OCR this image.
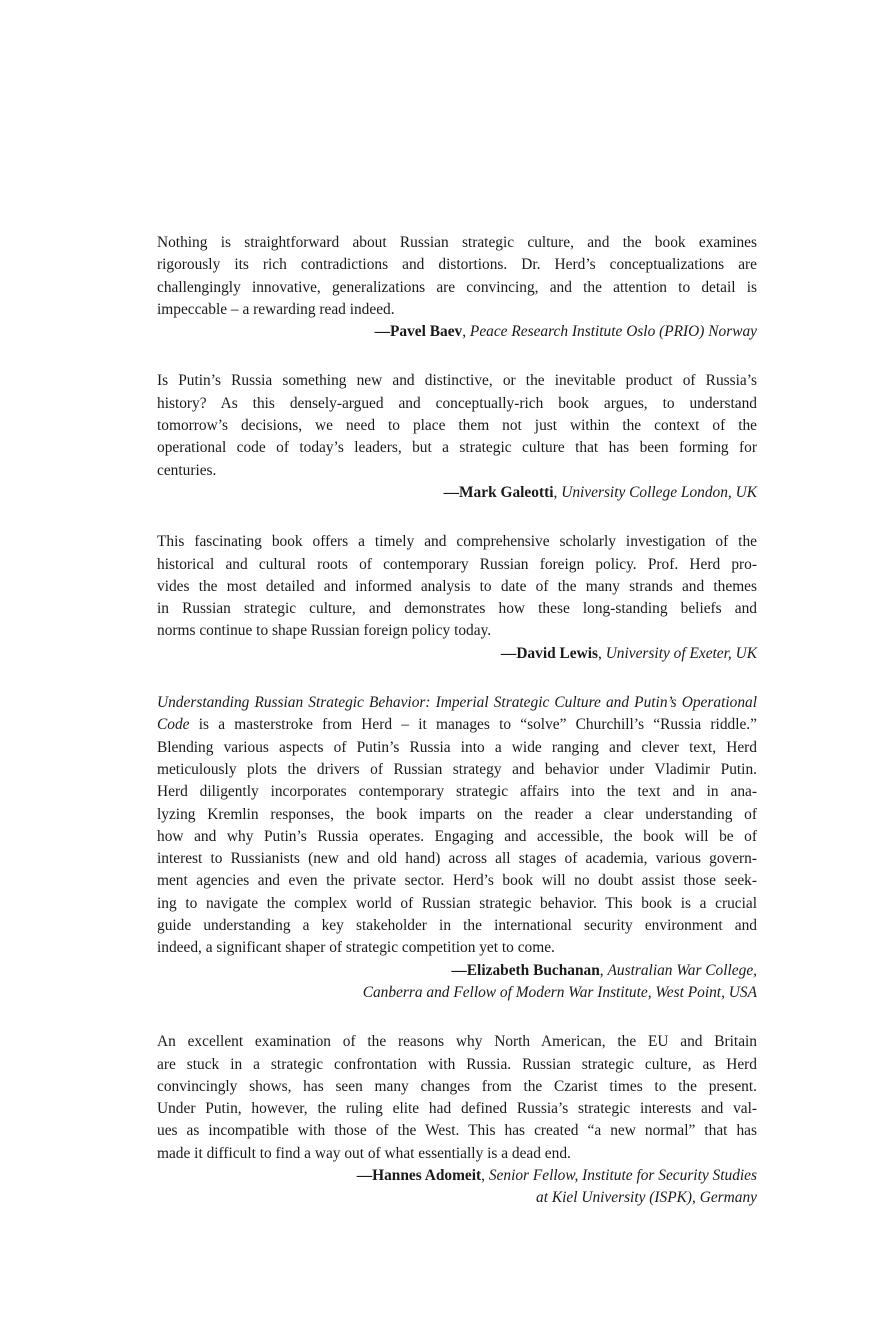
Nothing is straightforward about Russian strategic culture, and the book examines
rigorously its rich contradictions and distortions. Dr. Herd’s conceptualizations are
challengingly innovative, generalizations are convincing, and the attention to detail is
impeccable – a rewarding read indeed.
—Pavel Baev, Peace Research Institute Oslo (PRIO) Norway
Is Putin’s Russia something new and distinctive, or the inevitable product of Russia’s
history? As this densely-argued and conceptually-rich book argues, to understand
tomorrow’s decisions, we need to place them not just within the context of the
operational code of today’s leaders, but a strategic culture that has been forming for
centuries.
—Mark Galeotti, University College London, UK
This fascinating book offers a timely and comprehensive scholarly investigation of the
historical and cultural roots of contemporary Russian foreign policy. Prof. Herd pro-
vides the most detailed and informed analysis to date of the many strands and themes
in Russian strategic culture, and demonstrates how these long-standing beliefs and
norms continue to shape Russian foreign policy today.
—David Lewis, University of Exeter, UK
Understanding Russian Strategic Behavior: Imperial Strategic Culture and Putin’s Operational
Code is a masterstroke from Herd – it manages to “solve” Churchill’s “Russia riddle.”
Blending various aspects of Putin’s Russia into a wide ranging and clever text, Herd
meticulously plots the drivers of Russian strategy and behavior under Vladimir Putin.
Herd diligently incorporates contemporary strategic affairs into the text and in ana-
lyzing Kremlin responses, the book imparts on the reader a clear understanding of
how and why Putin’s Russia operates. Engaging and accessible, the book will be of
interest to Russianists (new and old hand) across all stages of academia, various govern-
ment agencies and even the private sector. Herd’s book will no doubt assist those seek-
ing to navigate the complex world of Russian strategic behavior. This book is a crucial
guide understanding a key stakeholder in the international security environment and
indeed, a significant shaper of strategic competition yet to come.
—Elizabeth Buchanan, Australian War College,
Canberra and Fellow of Modern War Institute, West Point, USA
An excellent examination of the reasons why North American, the EU and Britain
are stuck in a strategic confrontation with Russia. Russian strategic culture, as Herd
convincingly shows, has seen many changes from the Czarist times to the present.
Under Putin, however, the ruling elite had defined Russia’s strategic interests and val-
ues as incompatible with those of the West. This has created “a new normal” that has
made it difficult to find a way out of what essentially is a dead end.
—Hannes Adomeit, Senior Fellow, Institute for Security Studies
at Kiel University (ISPK), Germany
